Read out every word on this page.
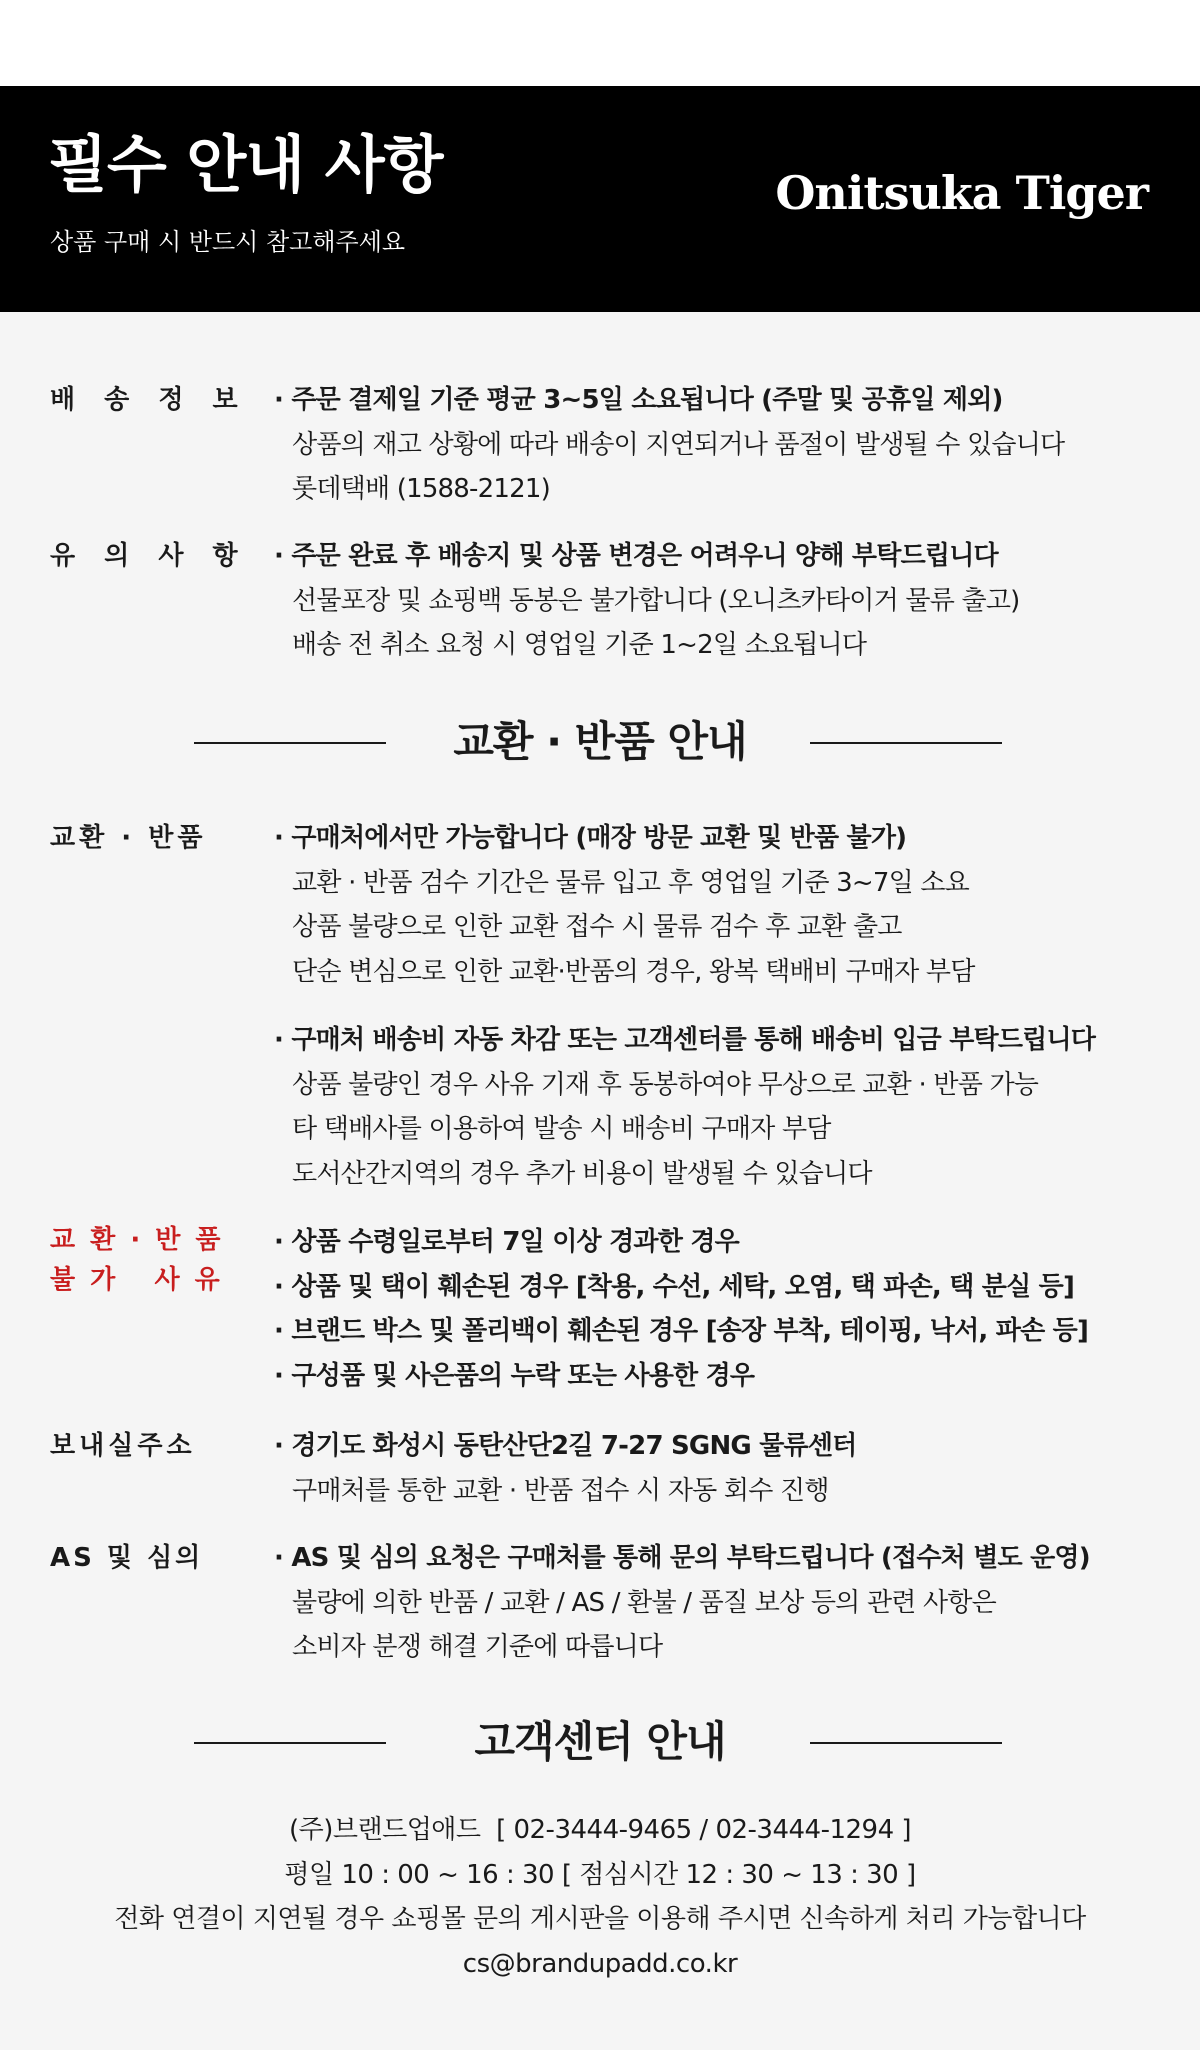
필수 안내 사항
상품 구매 시 반드시 참고해주세요
Onitsuka Tiger
배 송 정 보	· 주문 결제일 기준 평균 3~5일 소요됩니다 (주말 및 공휴일 제외)
상품의 재고 상황에 따라 배송이 지연되거나 품절이 발생될 수 있습니다
롯데택배 (1588-2121)
유 의 사 항	· 주문 완료 후 배송지 및 상품 변경은 어려우니 양해 부탁드립니다
선물포장 및 쇼핑백 동봉은 불가합니다 (오니츠카타이거 물류 출고)
배송 전 취소 요청 시 영업일 기준 1~2일 소요됩니다
교환 · 반품 안내
교환 · 반품	· 구매처에서만 가능합니다 (매장 방문 교환 및 반품 불가)
교환 · 반품 검수 기간은 물류 입고 후 영업일 기준 3~7일 소요
상품 불량으로 인한 교환 접수 시 물류 검수 후 교환 출고
단순 변심으로 인한 교환·반품의 경우, 왕복 택배비 구매자 부담
· 구매처 배송비 자동 차감 또는 고객센터를 통해 배송비 입금 부탁드립니다
상품 불량인 경우 사유 기재 후 동봉하여야 무상으로 교환 · 반품 가능
타 택배사를 이용하여 발송 시 배송비 구매자 부담
도서산간지역의 경우 추가 비용이 발생될 수 있습니다
교 환 · 반 품
불 가   사 유
· 상품 수령일로부터 7일 이상 경과한 경우
· 상품 및 택이 훼손된 경우 [착용, 수선, 세탁, 오염, 택 파손, 택 분실 등]
· 브랜드 박스 및 폴리백이 훼손된 경우 [송장 부착, 테이핑, 낙서, 파손 등]
· 구성품 및 사은품의 누락 또는 사용한 경우
보내실주소	· 경기도 화성시 동탄산단2길 7-27 SGNG 물류센터
구매처를 통한 교환 · 반품 접수 시 자동 회수 진행
AS 및 심의	· AS 및 심의 요청은 구매처를 통해 문의 부탁드립니다 (접수처 별도 운영)
불량에 의한 반품 / 교환 / AS / 환불 / 품질 보상 등의 관련 사항은
소비자 분쟁 해결 기준에 따릅니다
고객센터 안내
(주)브랜드업애드  [ 02-3444-9465 / 02-3444-1294 ]
평일 10 : 00 ~ 16 : 30 [ 점심시간 12 : 30 ~ 13 : 30 ]
전화 연결이 지연될 경우 쇼핑몰 문의 게시판을 이용해 주시면 신속하게 처리 가능합니다
cs@brandupadd.co.kr
